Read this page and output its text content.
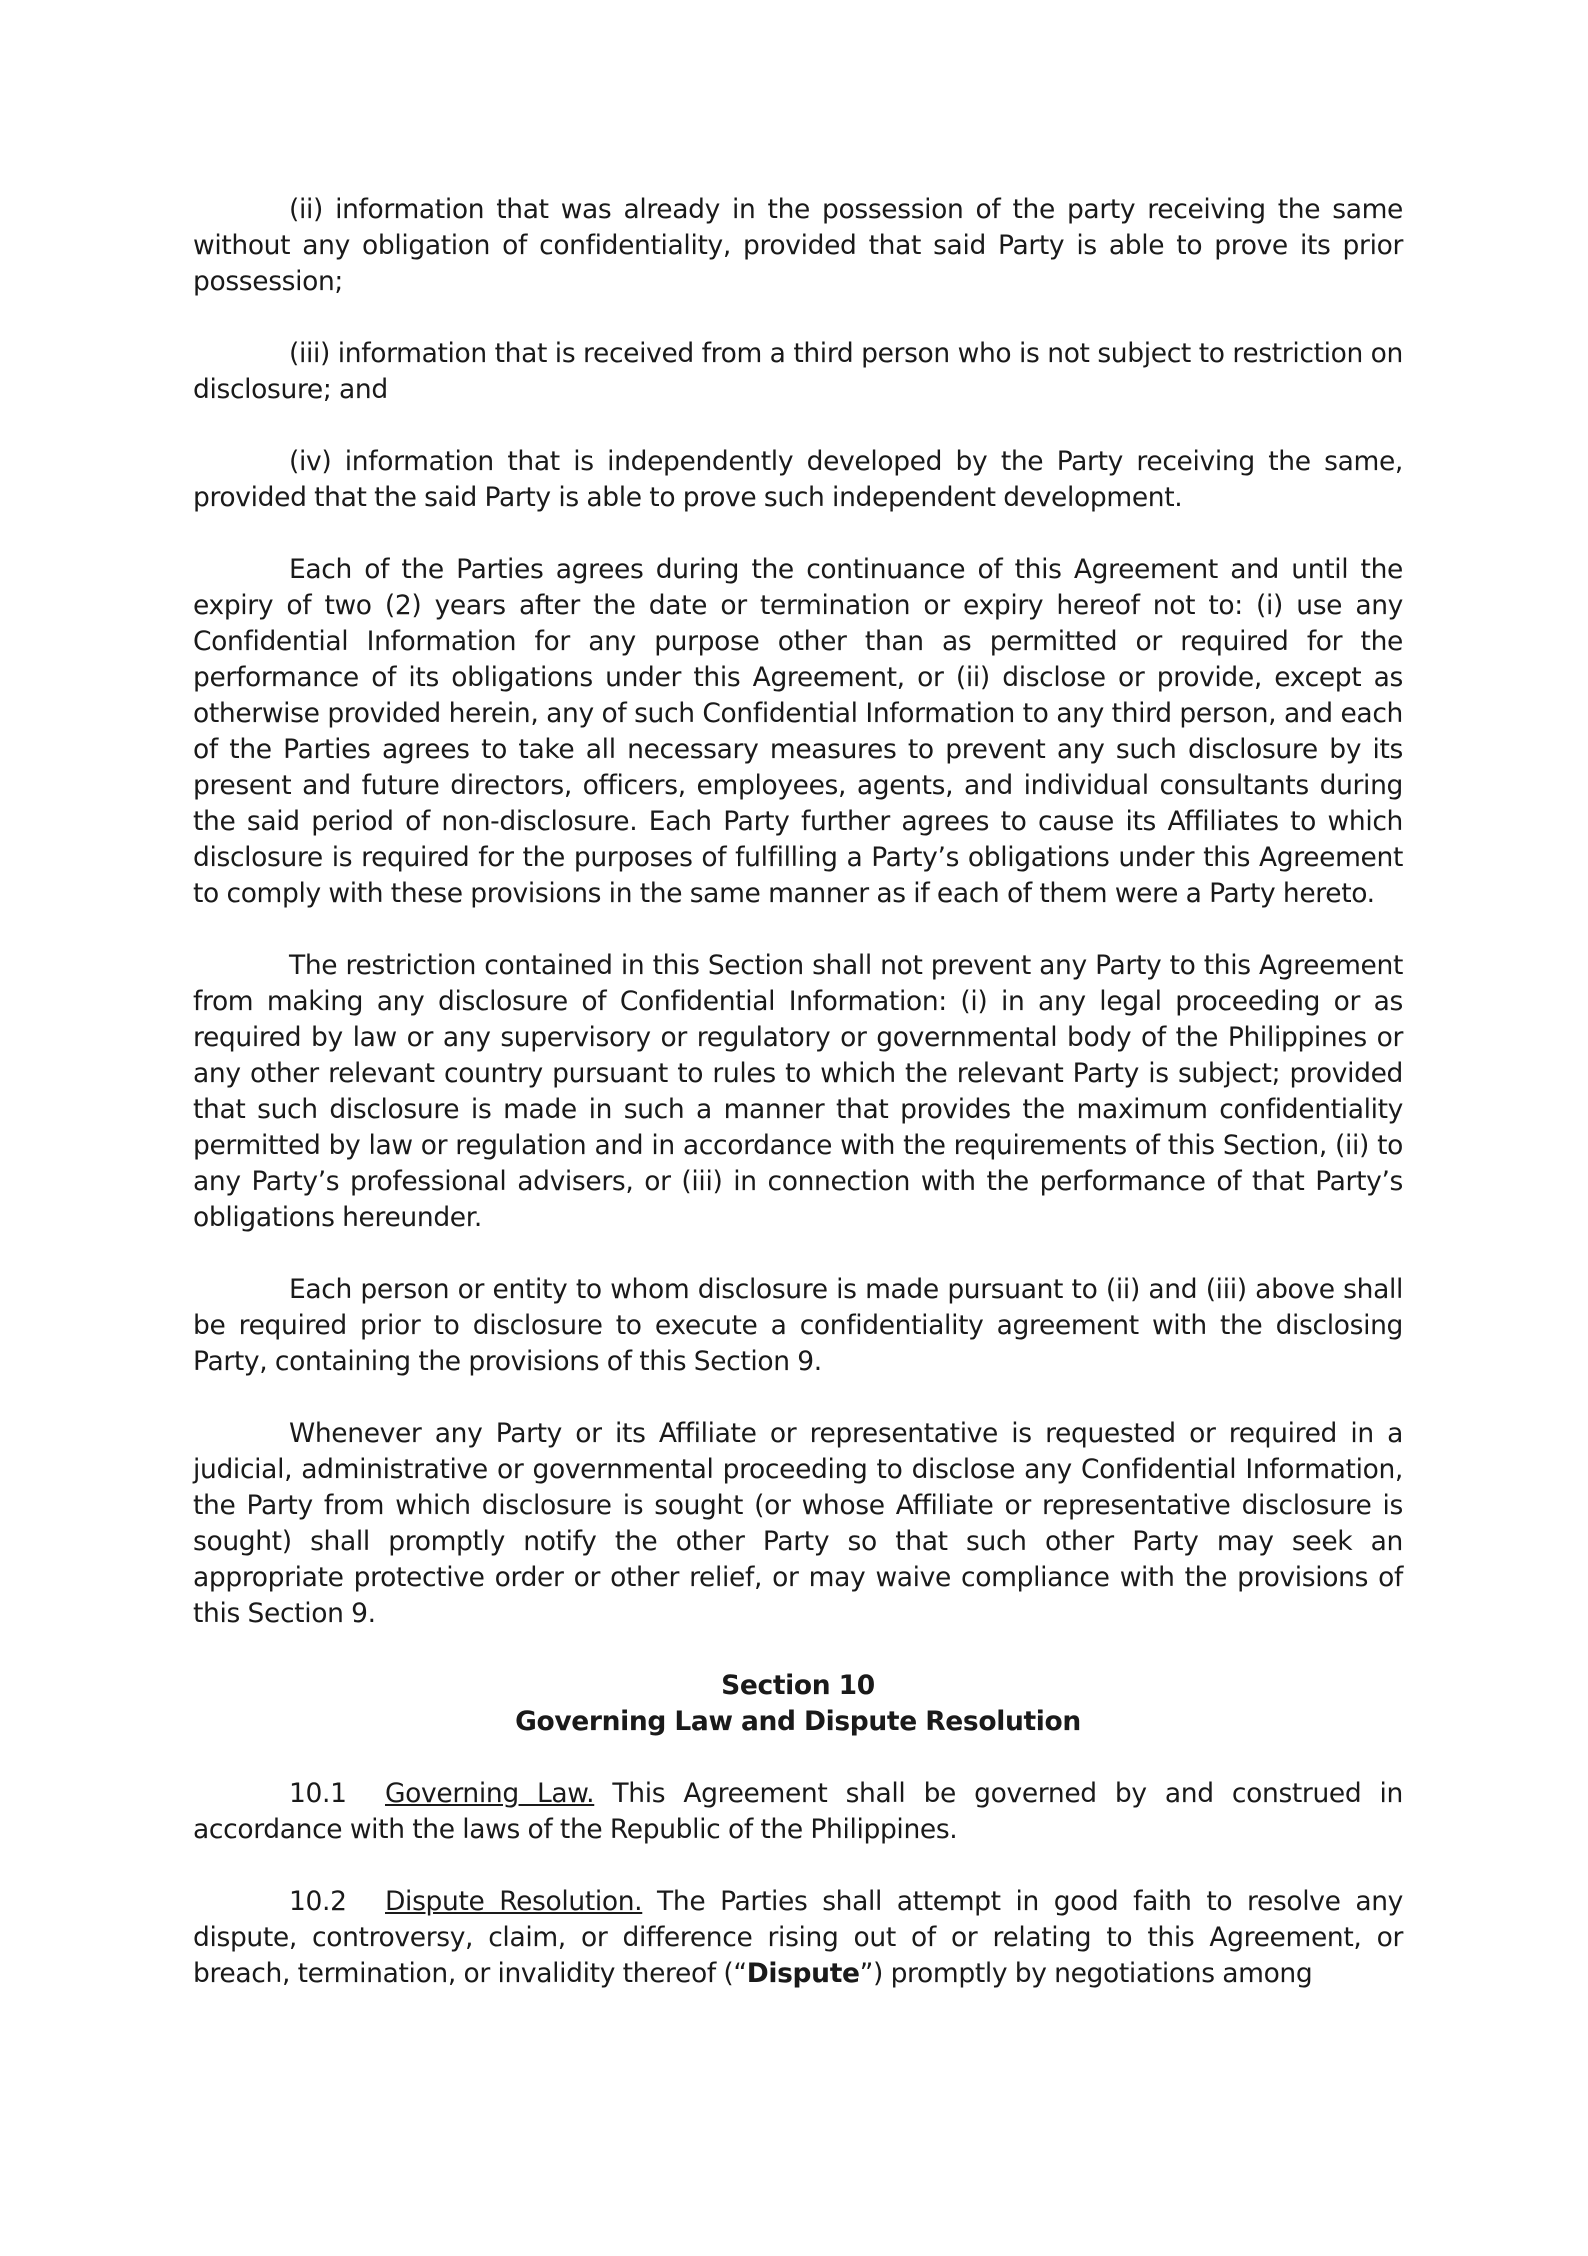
(ii) information that was already in the possession of the party receiving the same without any obligation of confidentiality, provided that said Party is able to prove its prior possession;

(iii) information that is received from a third person who is not subject to restriction on disclosure; and

(iv) information that is independently developed by the Party receiving the same, provided that the said Party is able to prove such independent development.

Each of the Parties agrees during the continuance of this Agreement and until the expiry of two (2) years after the date or termination or expiry hereof not to: (i) use any Confidential Information for any purpose other than as permitted or required for the performance of its obligations under this Agreement, or (ii) disclose or provide, except as otherwise provided herein, any of such Confidential Information to any third person, and each of the Parties agrees to take all necessary measures to prevent any such disclosure by its present and future directors, officers, employees, agents, and individual consultants during the said period of non-disclosure. Each Party further agrees to cause its Affiliates to which disclosure is required for the purposes of fulfilling a Party’s obligations under this Agreement to comply with these provisions in the same manner as if each of them were a Party hereto.

The restriction contained in this Section shall not prevent any Party to this Agreement from making any disclosure of Confidential Information: (i) in any legal proceeding or as required by law or any supervisory or regulatory or governmental body of the Philippines or any other relevant country pursuant to rules to which the relevant Party is subject; provided that such disclosure is made in such a manner that provides the maximum confidentiality permitted by law or regulation and in accordance with the requirements of this Section, (ii) to any Party’s professional advisers, or (iii) in connection with the performance of that Party’s obligations hereunder.

Each person or entity to whom disclosure is made pursuant to (ii) and (iii) above shall be required prior to disclosure to execute a confidentiality agreement with the disclosing Party, containing the provisions of this Section 9.

Whenever any Party or its Affiliate or representative is requested or required in a judicial, administrative or governmental proceeding to disclose any Confidential Information, the Party from which disclosure is sought (or whose Affiliate or representative disclosure is sought) shall promptly notify the other Party so that such other Party may seek an appropriate protective order or other relief, or may waive compliance with the provisions of this Section 9.

Section 10

Governing Law and Dispute Resolution

10.1 Governing Law. This Agreement shall be governed by and construed in accordance with the laws of the Republic of the Philippines.

10.2 Dispute Resolution. The Parties shall attempt in good faith to resolve any dispute, controversy, claim, or difference rising out of or relating to this Agreement, or breach, termination, or invalidity thereof (“Dispute”) promptly by negotiations among
